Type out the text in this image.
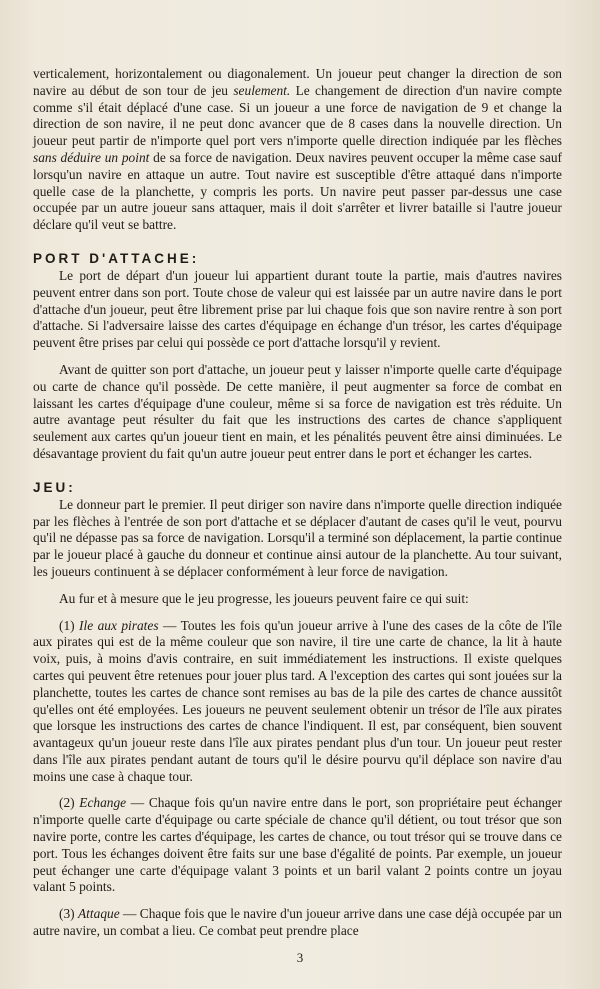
verticalement, horizontalement ou diagonalement. Un joueur peut changer la direction de son navire au début de son tour de jeu seulement. Le changement de direction d'un navire compte comme s'il était déplacé d'une case. Si un joueur a une force de navigation de 9 et change la direction de son navire, il ne peut donc avancer que de 8 cases dans la nouvelle direction. Un joueur peut partir de n'importe quel port vers n'importe quelle direction indiquée par les flèches sans déduire un point de sa force de navigation. Deux navires peuvent occuper la même case sauf lorsqu'un navire en attaque un autre. Tout navire est susceptible d'être attaqué dans n'importe quelle case de la planchette, y compris les ports. Un navire peut passer par-dessus une case occupée par un autre joueur sans attaquer, mais il doit s'arrêter et livrer bataille si l'autre joueur déclare qu'il veut se battre.

PORT D'ATTACHE:

Le port de départ d'un joueur lui appartient durant toute la partie, mais d'autres navires peuvent entrer dans son port. Toute chose de valeur qui est laissée par un autre navire dans le port d'attache d'un joueur, peut être librement prise par lui chaque fois que son navire rentre à son port d'attache. Si l'adversaire laisse des cartes d'équipage en échange d'un trésor, les cartes d'équipage peuvent être prises par celui qui possède ce port d'attache lorsqu'il y revient.

Avant de quitter son port d'attache, un joueur peut y laisser n'importe quelle carte d'équipage ou carte de chance qu'il possède. De cette manière, il peut augmenter sa force de combat en laissant les cartes d'équipage d'une couleur, même si sa force de navigation est très réduite. Un autre avantage peut résulter du fait que les instructions des cartes de chance s'appliquent seulement aux cartes qu'un joueur tient en main, et les pénalités peuvent être ainsi diminuées. Le désavantage provient du fait qu'un autre joueur peut entrer dans le port et échanger les cartes.

JEU:

Le donneur part le premier. Il peut diriger son navire dans n'importe quelle direction indiquée par les flèches à l'entrée de son port d'attache et se déplacer d'autant de cases qu'il le veut, pourvu qu'il ne dépasse pas sa force de navigation. Lorsqu'il a terminé son déplacement, la partie continue par le joueur placé à gauche du donneur et continue ainsi autour de la planchette. Au tour suivant, les joueurs continuent à se déplacer conformément à leur force de navigation.

Au fur et à mesure que le jeu progresse, les joueurs peuvent faire ce qui suit:

(1) Ile aux pirates — Toutes les fois qu'un joueur arrive à l'une des cases de la côte de l'île aux pirates qui est de la même couleur que son navire, il tire une carte de chance, la lit à haute voix, puis, à moins d'avis contraire, en suit immédiatement les instructions. Il existe quelques cartes qui peuvent être retenues pour jouer plus tard. A l'exception des cartes qui sont jouées sur la planchette, toutes les cartes de chance sont remises au bas de la pile des cartes de chance aussitôt qu'elles ont été employées. Les joueurs ne peuvent seulement obtenir un trésor de l'île aux pirates que lorsque les instructions des cartes de chance l'indiquent. Il est, par conséquent, bien souvent avantageux qu'un joueur reste dans l'île aux pirates pendant plus d'un tour. Un joueur peut rester dans l'île aux pirates pendant autant de tours qu'il le désire pourvu qu'il déplace son navire d'au moins une case à chaque tour.

(2) Echange — Chaque fois qu'un navire entre dans le port, son propriétaire peut échanger n'importe quelle carte d'équipage ou carte spéciale de chance qu'il détient, ou tout trésor que son navire porte, contre les cartes d'équipage, les cartes de chance, ou tout trésor qui se trouve dans ce port. Tous les échanges doivent être faits sur une base d'égalité de points. Par exemple, un joueur peut échanger une carte d'équipage valant 3 points et un baril valant 2 points contre un joyau valant 5 points.

(3) Attaque — Chaque fois que le navire d'un joueur arrive dans une case déjà occupée par un autre navire, un combat a lieu. Ce combat peut prendre place

3
